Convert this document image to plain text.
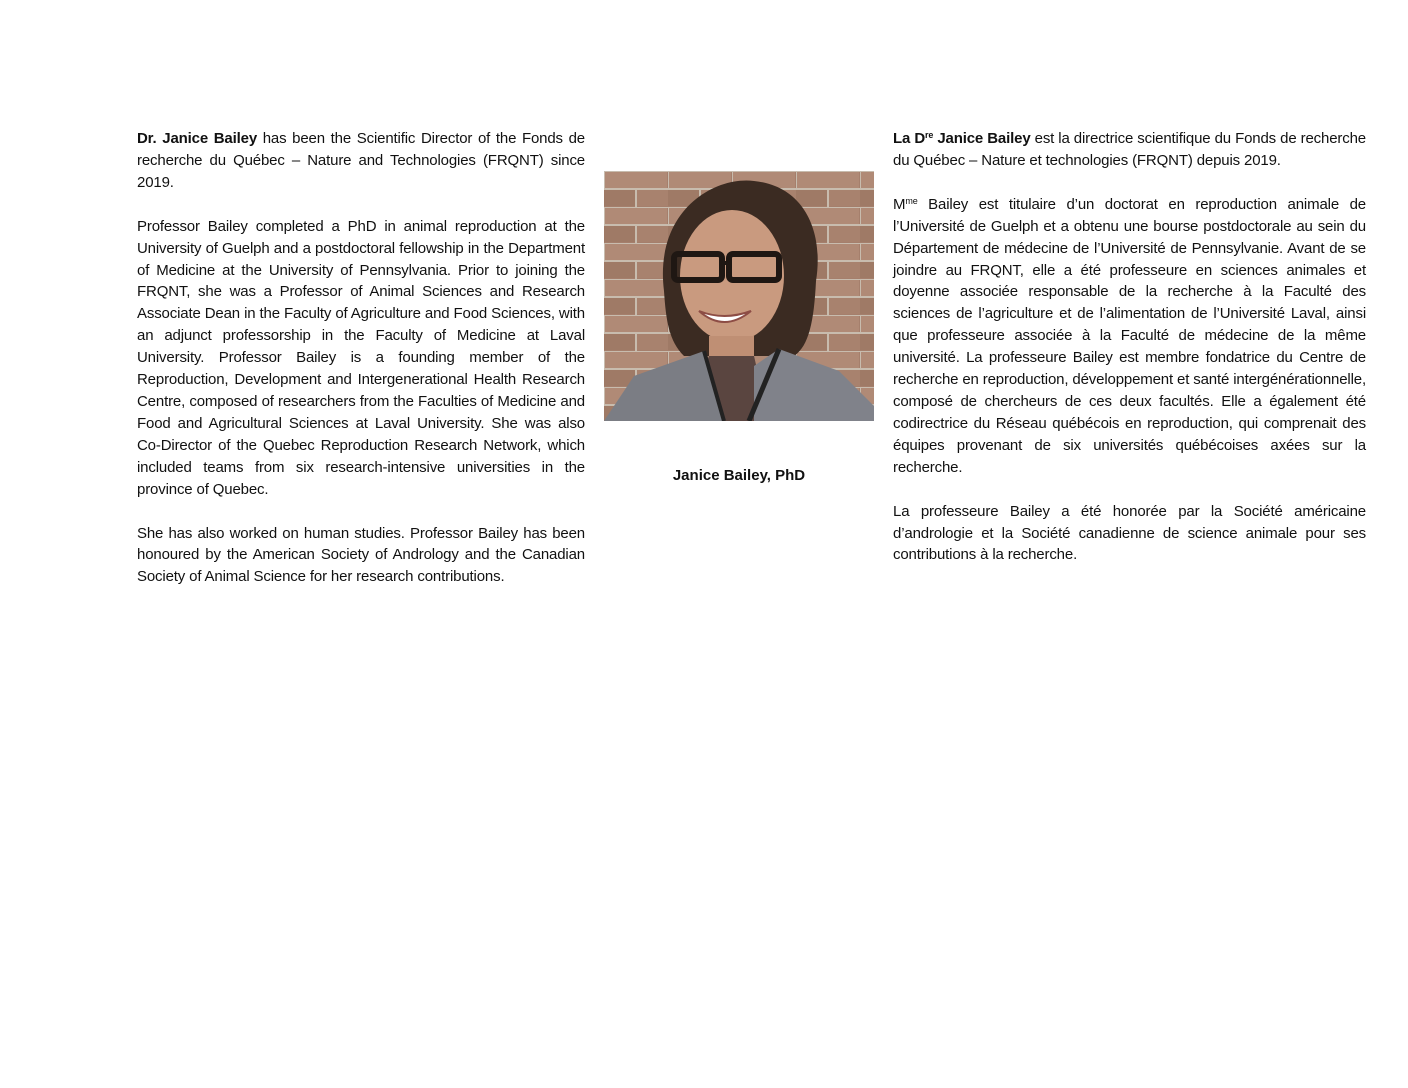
Dr. Janice Bailey has been the Scientific Director of the Fonds de recherche du Québec – Nature and Technologies (FRQNT) since 2019.

Professor Bailey completed a PhD in animal reproduction at the University of Guelph and a postdoctoral fellowship in the Department of Medicine at the University of Pennsylvania. Prior to joining the FRQNT, she was a Professor of Animal Sciences and Research Associate Dean in the Faculty of Agriculture and Food Sciences, with an adjunct professorship in the Faculty of Medicine at Laval University. Professor Bailey is a founding member of the Reproduction, Development and Intergenerational Health Research Centre, composed of researchers from the Faculties of Medicine and Food and Agricultural Sciences at Laval University. She was also Co-Director of the Quebec Reproduction Research Network, which included teams from six research-intensive universities in the province of Quebec.

She has also worked on human studies. Professor Bailey has been honoured by the American Society of Andrology and the Canadian Society of Animal Science for her research contributions.

Janice Bailey, PhD

La Dre Janice Bailey est la directrice scientifique du Fonds de recherche du Québec – Nature et technologies (FRQNT) depuis 2019.

$M^{me}$ Bailey est titulaire d’un doctorat en reproduction animale de l’Université de Guelph et a obtenu une bourse postdoctorale au sein du Département de médecine de l’Université de Pennsylvanie. Avant de se joindre au FRQNT, elle a été professeure en sciences animales et doyenne associée responsable de la recherche à la Faculté des sciences de l’agriculture et de l’alimentation de l’Université Laval, ainsi que professeure associée à la Faculté de médecine de la même université. La professeure Bailey est membre fondatrice du Centre de recherche en reproduction, développement et santé intergénérationnelle, composé de chercheurs de ces deux facultés. Elle a également été codirectrice du Réseau québécois en reproduction, qui comprenait des équipes provenant de six universités québécoises axées sur la recherche.

La professeure Bailey a été honorée par la Société américaine d’andrologie et la Société canadienne de science animale pour ses contributions à la recherche.
